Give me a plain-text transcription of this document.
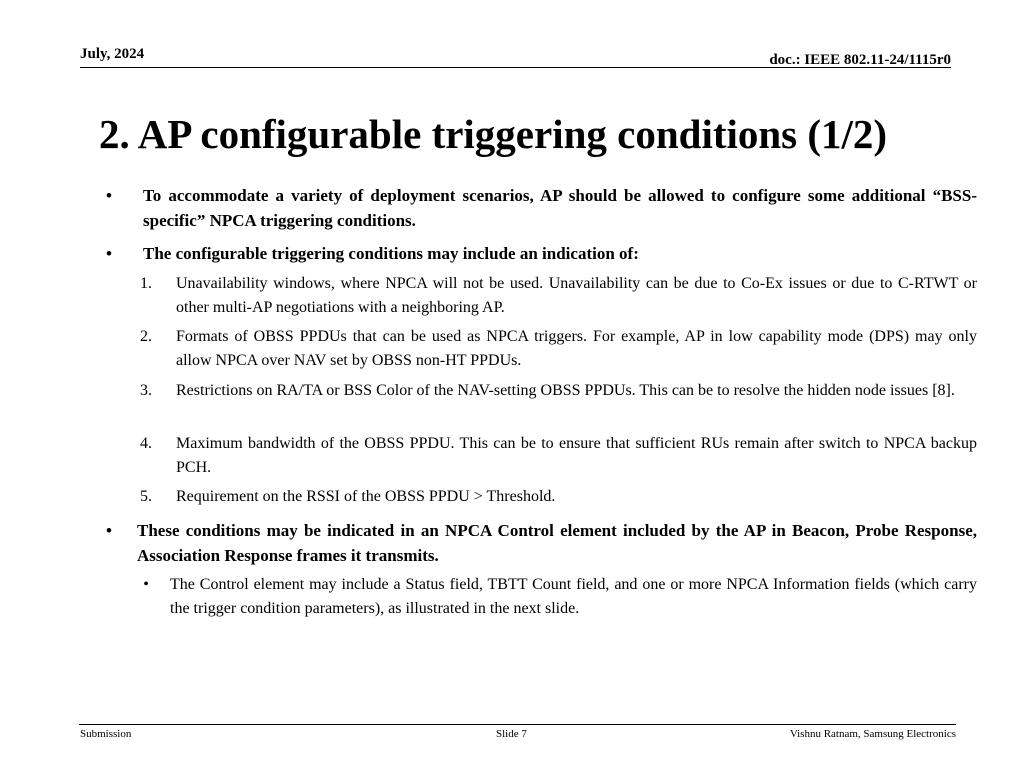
July, 2024	doc.: IEEE 802.11-24/1115r0
2. AP configurable triggering conditions (1/2)
• To accommodate a variety of deployment scenarios, AP should be allowed to configure some additional “BSS-specific” NPCA triggering conditions.
• The configurable triggering conditions may include an indication of:
1. Unavailability windows, where NPCA will not be used. Unavailability can be due to Co-Ex issues or due to C-RTWT or other multi-AP negotiations with a neighboring AP.
2. Formats of OBSS PPDUs that can be used as NPCA triggers. For example, AP in low capability mode (DPS) may only allow NPCA over NAV set by OBSS non-HT PPDUs.
3. Restrictions on RA/TA or BSS Color of the NAV-setting OBSS PPDUs. This can be to resolve the hidden node issues [8].
4. Maximum bandwidth of the OBSS PPDU. This can be to ensure that sufficient RUs remain after switch to NPCA backup PCH.
5. Requirement on the RSSI of the OBSS PPDU > Threshold.
• These conditions may be indicated in an NPCA Control element included by the AP in Beacon, Probe Response, Association Response frames it transmits.
• The Control element may include a Status field, TBTT Count field, and one or more NPCA Information fields (which carry the trigger condition parameters), as illustrated in the next slide.
Submission	Slide 7	Vishnu Ratnam, Samsung Electronics
